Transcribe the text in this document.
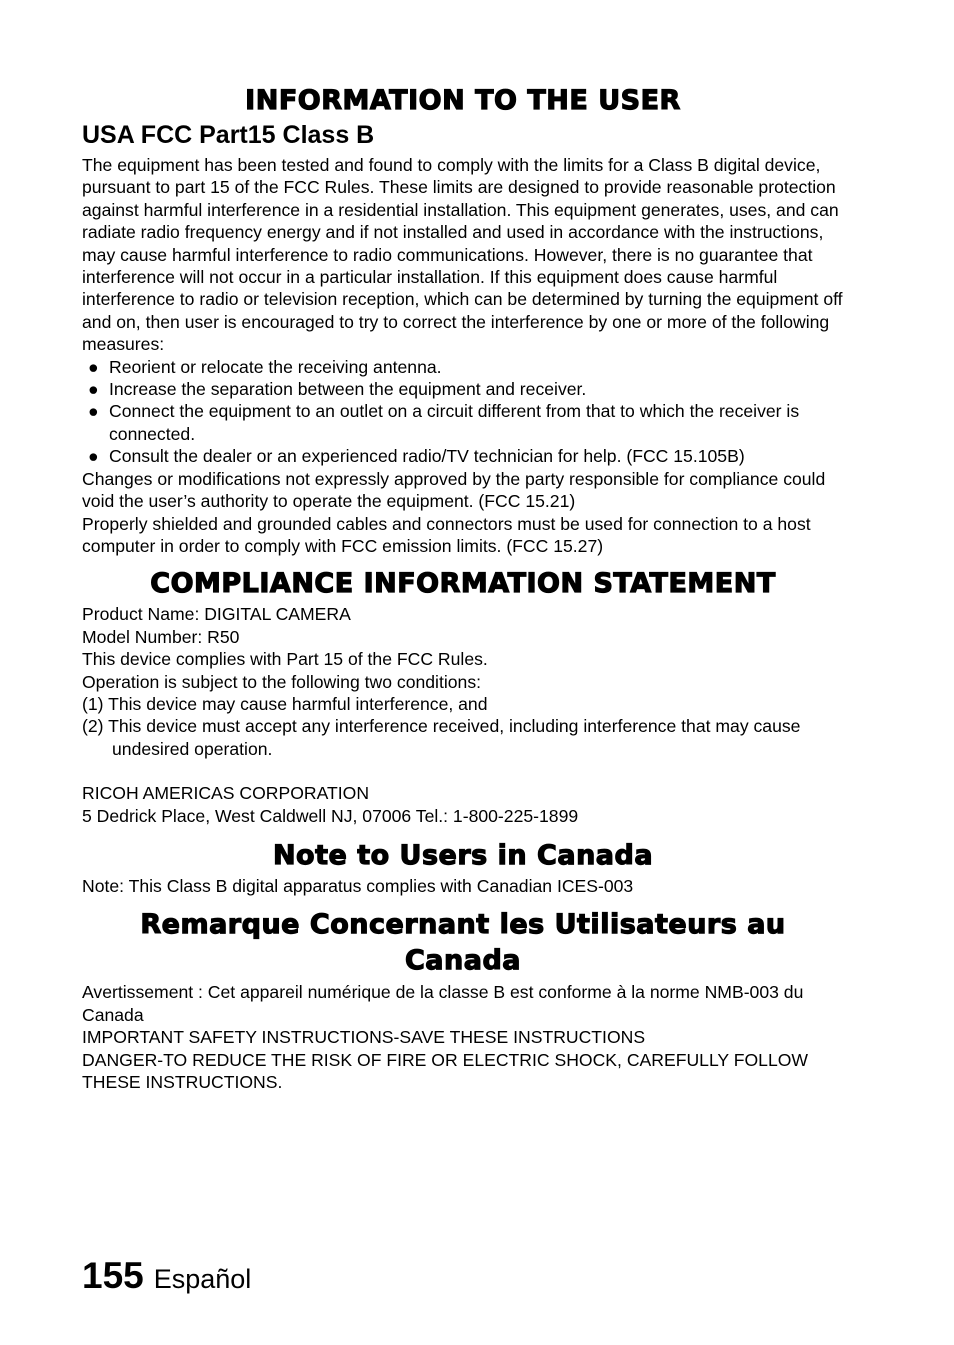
INFORMATION TO THE USER
USA FCC Part15 Class B

The equipment has been tested and found to comply with the limits for a Class B digital device, pursuant to part 15 of the FCC Rules. These limits are designed to provide reasonable protection against harmful interference in a residential installation. This equipment generates, uses, and can radiate radio frequency energy and if not installed and used in accordance with the instructions, may cause harmful interference to radio communications. However, there is no guarantee that interference will not occur in a particular installation. If this equipment does cause harmful interference to radio or television reception, which can be determined by turning the equipment off and on, then user is encouraged to try to correct the interference by one or more of the following measures:

● Reorient or relocate the receiving antenna.
● Increase the separation between the equipment and receiver.
● Connect the equipment to an outlet on a circuit different from that to which the receiver is connected.
● Consult the dealer or an experienced radio/TV technician for help. (FCC 15.105B)

Changes or modifications not expressly approved by the party responsible for compliance could void the user’s authority to operate the equipment. (FCC 15.21)

Properly shielded and grounded cables and connectors must be used for connection to a host computer in order to comply with FCC emission limits. (FCC 15.27)

COMPLIANCE INFORMATION STATEMENT

Product Name: DIGITAL CAMERA

Model Number: R50

This device complies with Part 15 of the FCC Rules.

Operation is subject to the following two conditions:

(1) This device may cause harmful interference, and

(2) This device must accept any interference received, including interference that may cause undesired operation.

RICOH AMERICAS CORPORATION

5 Dedrick Place, West Caldwell NJ, 07006 Tel.: 1-800-225-1899

Note to Users in Canada

Note: This Class B digital apparatus complies with Canadian ICES-003

Remarque Concernant les Utilisateurs au
Canada

Avertissement : Cet appareil numérique de la classe B est conforme à la norme NMB-003 du Canada

IMPORTANT SAFETY INSTRUCTIONS-SAVE THESE INSTRUCTIONS

DANGER-TO REDUCE THE RISK OF FIRE OR ELECTRIC SHOCK, CAREFULLY FOLLOW THESE INSTRUCTIONS.

155 Español
